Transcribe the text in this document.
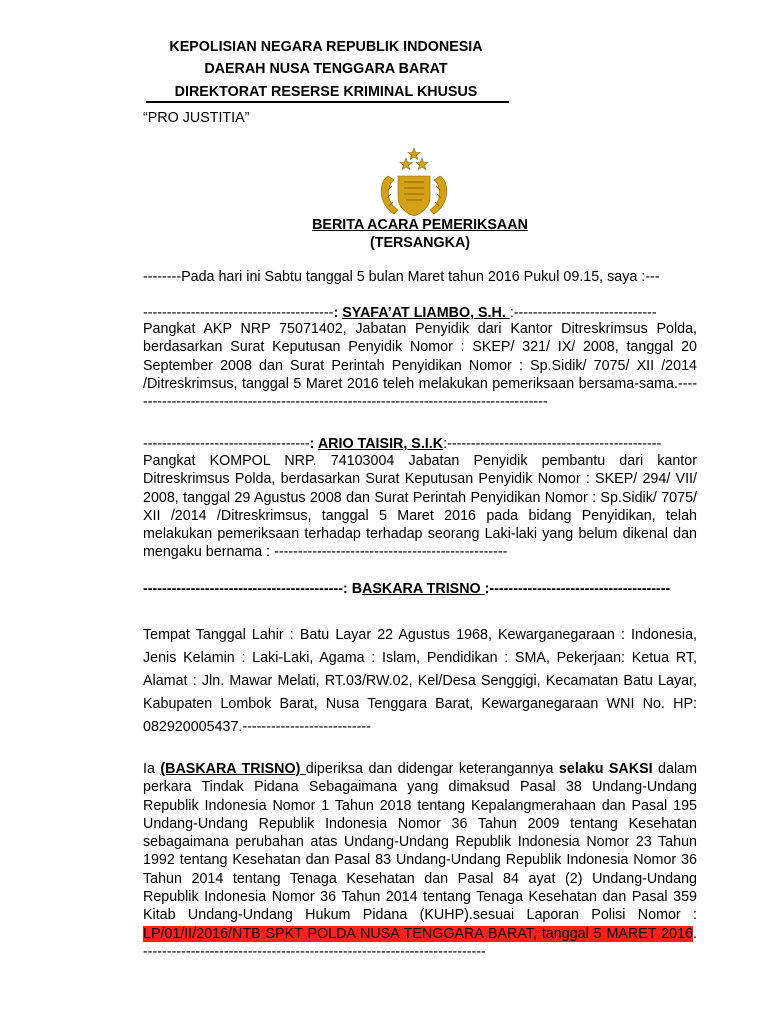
KEPOLISIAN NEGARA REPUBLIK INDONESIA
DAERAH NUSA TENGGARA BARAT
DIREKTORAT RESERSE KRIMINAL KHUSUS
“PRO JUSTITIA”
BERITA ACARA PEMERIKSAAN
(TERSANGKA)
--------Pada hari ini Sabtu tanggal 5 bulan Maret tahun 2016 Pukul 09.15, saya :---
----------------------------------------: SYAFA’AT LIAMBO, S.H. :------------------------------
Pangkat AKP NRP 75071402, Jabatan Penyidik dari Kantor Ditreskrimsus Polda, berdasarkan Surat Keputusan Penyidik Nomor : SKEP/ 321/ IX/ 2008, tanggal 20 September 2008 dan Surat Perintah Penyidikan Nomor : Sp.Sidik/ 7075/ XII /2014 /Ditreskrimsus, tanggal 5 Maret 2016 teleh melakukan pemeriksaan bersama-sama.-----------------------------------------------------------------------------------------
-----------------------------------: ARIO TAISIR, S.I.K:---------------------------------------------
Pangkat KOMPOL NRP. 74103004 Jabatan Penyidik pembantu dari kantor Ditreskrimsus Polda, berdasarkan Surat Keputusan Penyidik Nomor : SKEP/ 294/ VII/ 2008, tanggal 29 Agustus 2008 dan Surat Perintah Penyidikan Nomor : Sp.Sidik/ 7075/ XII /2014 /Ditreskrimsus, tanggal 5 Maret 2016 pada bidang Penyidikan, telah melakukan pemeriksaan terhadap terhadap seorang Laki-laki yang belum dikenal dan mengaku bernama : -------------------------------------------------
------------------------------------------: BASKARA TRISNO :--------------------------------------
Tempat Tanggal Lahir : Batu Layar 22 Agustus 1968, Kewarganegaraan : Indonesia, Jenis Kelamin : Laki-Laki, Agama : Islam, Pendidikan : SMA, Pekerjaan: Ketua RT, Alamat : Jln. Mawar Melati, RT.03/RW.02, Kel/Desa Senggigi, Kecamatan Batu Layar, Kabupaten Lombok Barat, Nusa Tenggara Barat, Kewarganegaraan WNI No. HP: 082920005437.---------------------------
Ia (BASKARA TRISNO) diperiksa dan didengar keterangannya selaku SAKSI dalam perkara Tindak Pidana Sebagaimana yang dimaksud Pasal 38 Undang-Undang Republik Indonesia Nomor 1 Tahun 2018 tentang Kepalangmerahaan dan Pasal 195 Undang-Undang Republik Indonesia Nomor 36 Tahun 2009 tentang Kesehatan sebagaimana perubahan atas Undang-Undang Republik Indonesia Nomor 23 Tahun 1992 tentang Kesehatan dan Pasal 83 Undang-Undang Republik Indonesia Nomor 36 Tahun 2014 tentang Tenaga Kesehatan dan Pasal 84 ayat (2) Undang-Undang Republik Indonesia Nomor 36 Tahun 2014 tentang Tenaga Kesehatan dan Pasal 359 Kitab Undang-Undang Hukum Pidana (KUHP).sesuai Laporan Polisi Nomor : LP/01/II/2016/NTB SPKT POLDA NUSA TENGGARA BARAT, tanggal 5 MARET 2016. ------------------------------------------------------------------------
